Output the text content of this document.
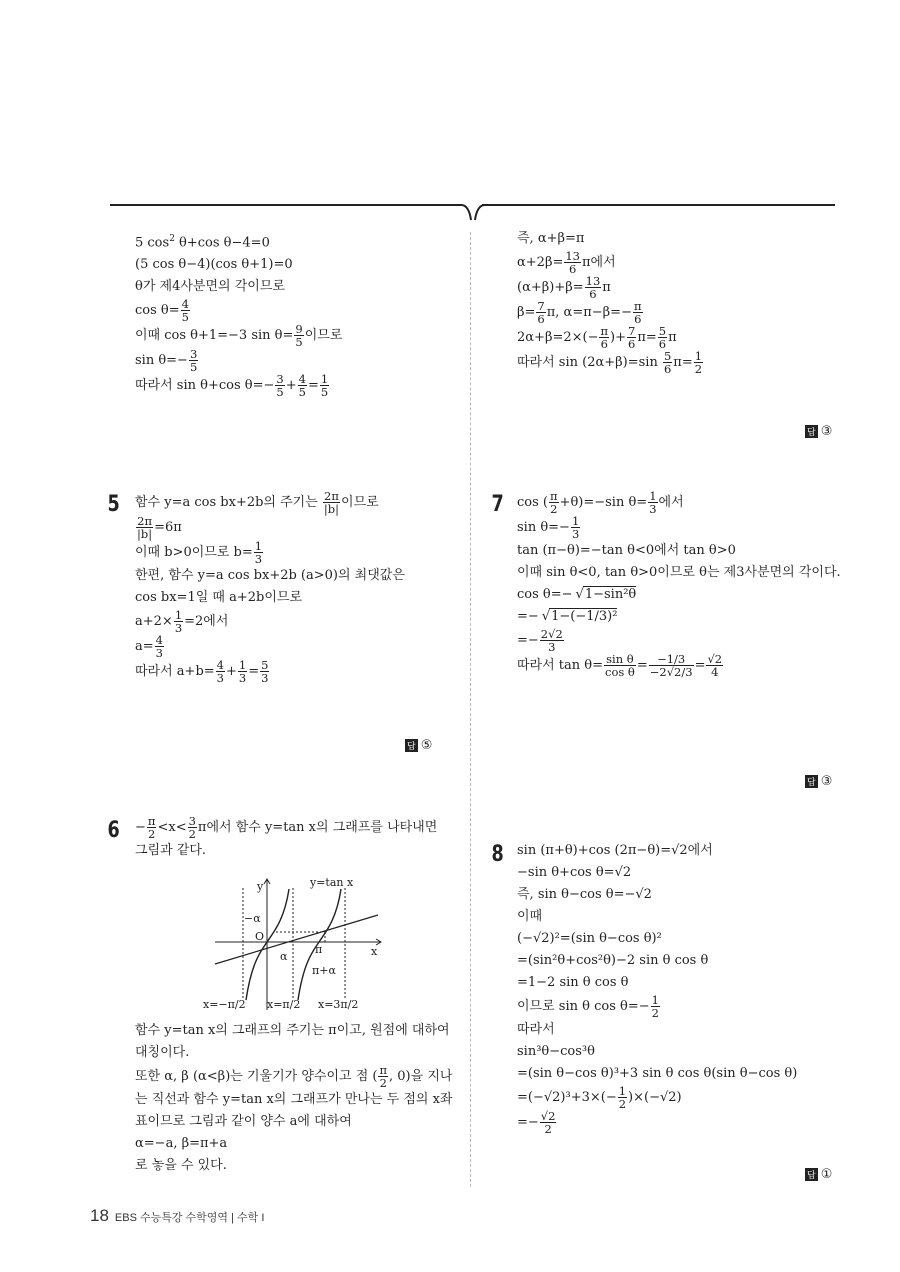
5 $\cos^2 \theta+\cos$ θ−4=0
(5 cos θ−4)(cos θ+1)=0
θ가 제4사분면의 각이므로
$\cos \theta= \frac{4}{5}$
이때 cos θ+1=−3 $\sin \theta= \frac{9}{5}$ 이므로
$\sin \theta=- \frac{3}{5}$
따라서 sin θ+cos $\theta=- \frac{3}{5} + \frac{4}{5} = \frac{1}{5}$
즉, α+β=π
$\alpha+2\beta= \frac{13}{6}$ π에서
$(\alpha+\beta)+\beta= \frac{13}{6}$ π
$\beta= \frac{7}{6} \pi$, $\alpha=\pi-\beta=- \frac{\pi}{6}$
$2\alpha+\beta=2\times(- \frac{\pi}{6}$ )+ $\frac{7}{6} \pi= \frac{5}{6}$ π
따라서 $\sin (2\alpha+\beta)=\sin \frac{5}{6} \pi= \frac{1}{2}$
답 ③
5 함수 y=a cos bx+2b의 주기는 $\frac{2\pi}{|b|}$ 이므로
$\frac{2\pi}{|b|} =6\pi$
이때 b>0이므로 $b= \frac{1}{3}$
한편, 함수 y=a cos bx+2b (a>0)의 최댓값은
cos bx=1일 때 a+2b이므로
$a+2\times \frac{1}{3} =2$에서
$a= \frac{4}{3}$
따라서 $a+b= \frac{4}{3} + \frac{1}{3} = \frac{5}{3}$
답 ⑤
7 cos ( $\frac{\pi}{2} +\theta)=-\sin$ $\theta= \frac{1}{3}$ 에서
$\sin \theta=- \frac{1}{3}$
tan (π−θ)=−tan θ<0에서 tan θ>0
이때 sin θ<0, tan θ>0이므로 θ는 제3사분면의 각이다.
cos θ=− √ 1−sin²θ
=− √ 1−(−1/3)²
=− $\frac{2√2}{3}$
따라서 $\tan \theta= \frac{\text{sin θ}}{\text{cos θ}} = \frac{-1/3}{-2√2/3} = \frac{√2}{4}$
답 ③
$6 - \frac{\pi}{2} <x< \frac{3}{2}$ π에서 함수 y=tan x의 그래프를 나타내면
그림과 같다.
y=tan x
y
x
O
−α
α
π
π+α
x=−π/2 x=π/2 x=3π/2
함수 y=tan x의 그래프의 주기는 π이고, 원점에 대하여
대칭이다.
또한 α, β (α<β)는 기울기가 양수이고 점 ( $\frac{\pi}{2}$ , 0)을 지나
는 직선과 함수 y=tan x의 그래프가 만나는 두 점의 x좌
표이므로 그림과 같이 양수 a에 대하여
α=−a, β=π+a
로 놓을 수 있다.
8 sin (π+θ)+cos (2π−θ)=√2에서
−sin θ+cos θ=√2
즉, sin θ−cos θ=−√2
이때
(−√2)²=(sin θ−cos θ)²
=(sin²θ+cos²θ)−2 sin θ cos θ
=1−2 sin θ cos θ
이므로 sin θ $\cos \theta=- \frac{1}{2}$
따라서
sin³θ−cos³θ
=(sin θ−cos θ)³+3 sin θ cos θ(sin θ−cos θ)
$=(-√2)^3+3\times(- \frac{1}{2} )\times(-√2)$
=− $\frac{√2}{2}$
답 ①
18 EBS 수능특강 수학영역 | 수학 I
